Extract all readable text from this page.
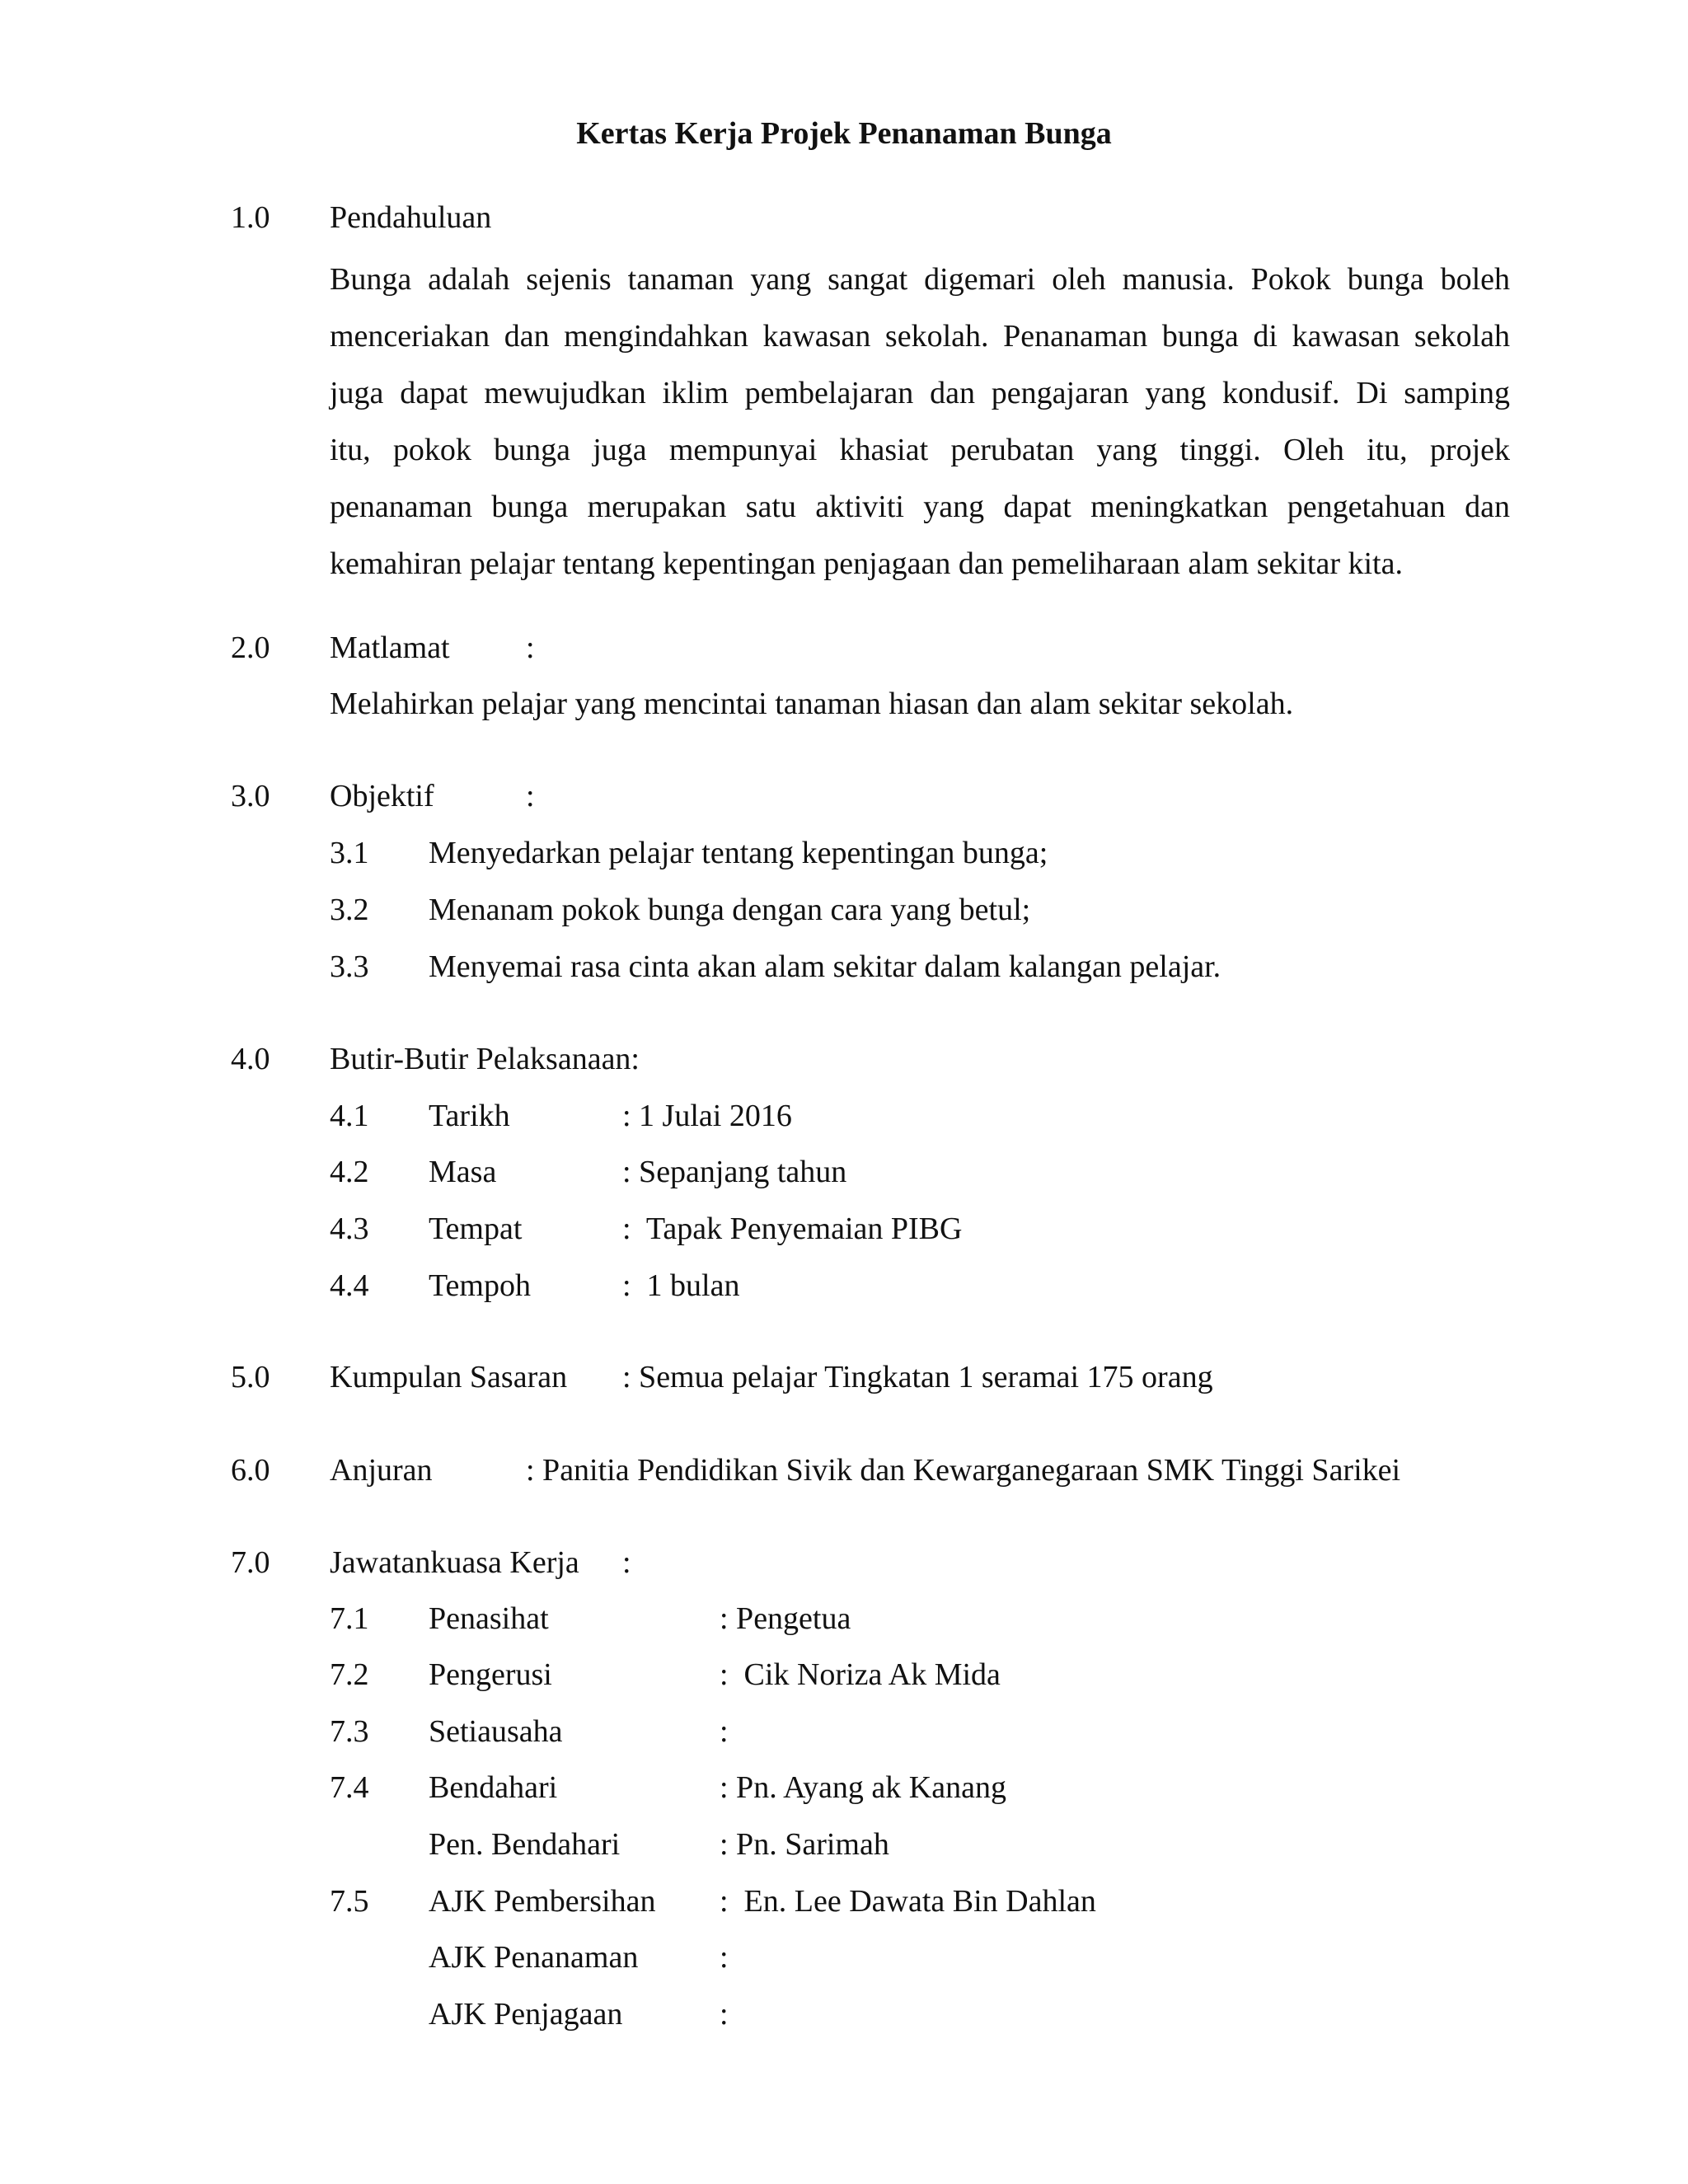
Kertas Kerja Projek Penanaman Bunga
1.0 Pendahuluan
Bunga adalah sejenis tanaman yang sangat digemari oleh manusia. Pokok bunga boleh
menceriakan dan mengindahkan kawasan sekolah. Penanaman bunga di kawasan sekolah
juga dapat mewujudkan iklim pembelajaran dan pengajaran yang kondusif. Di samping
itu, pokok bunga juga mempunyai khasiat perubatan yang tinggi. Oleh itu, projek
penanaman bunga merupakan satu aktiviti yang dapat meningkatkan pengetahuan dan
kemahiran pelajar tentang kepentingan penjagaan dan pemeliharaan alam sekitar kita.
2.0 Matlamat :
Melahirkan pelajar yang mencintai tanaman hiasan dan alam sekitar sekolah.
3.0 Objektif	:
3.1 Menyedarkan pelajar tentang kepentingan bunga;
3.2 Menanam pokok bunga dengan cara yang betul;
3.3 Menyemai rasa cinta akan alam sekitar dalam kalangan pelajar.
4.0 Butir-Butir Pelaksanaan:
4.1 Tarikh	: 1 Julai 2016
4.2 Masa	: Sepanjang tahun
4.3 Tempat	:  Tapak Penyemaian PIBG
4.4 Tempoh	:  1 bulan
5.0 Kumpulan Sasaran : Semua pelajar Tingkatan 1 seramai 175 orang
6.0 Anjuran	: Panitia Pendidikan Sivik dan Kewarganegaraan SMK Tinggi Sarikei
7.0 Jawatankuasa Kerja :
7.1 Penasihat	: Pengetua
7.2 Pengerusi	:  Cik Noriza Ak Mida
7.3 Setiausaha	:
7.4 Bendahari	: Pn. Ayang ak Kanang
Pen. Bendahari	: Pn. Sarimah
7.5 AJK Pembersihan :  En. Lee Dawata Bin Dahlan
AJK Penanaman	:
AJK Penjagaan	:
